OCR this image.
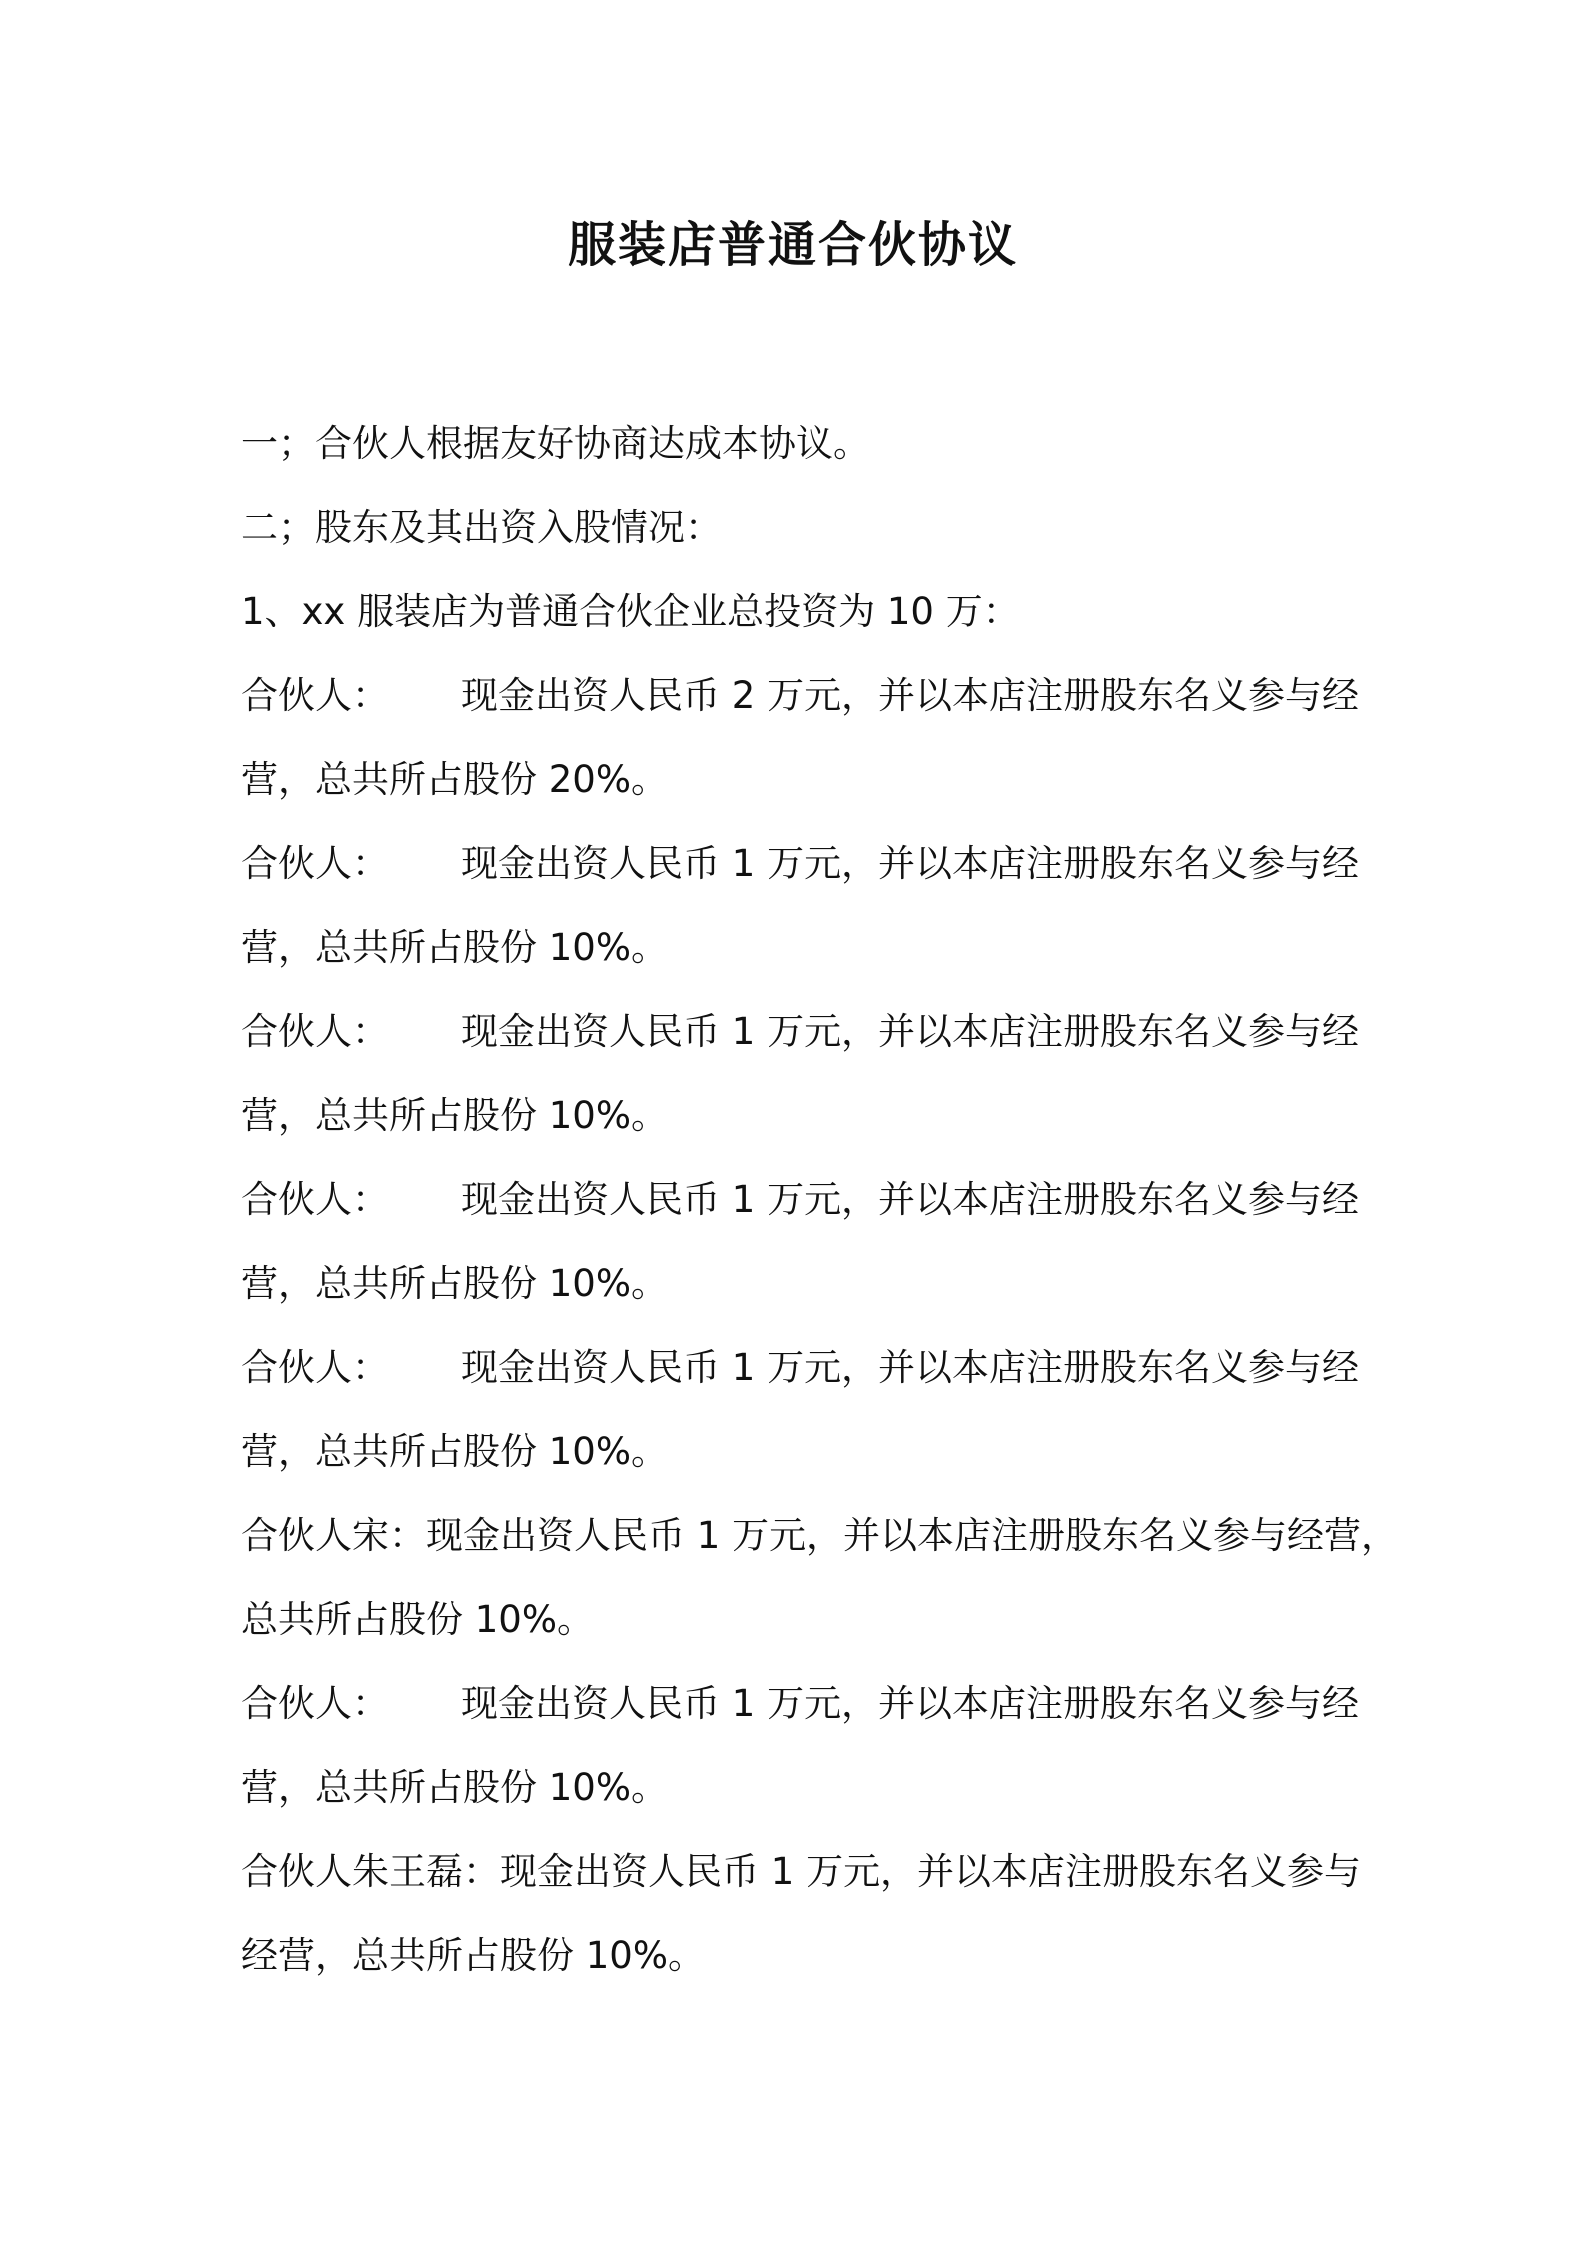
服装店普通合伙协议

一；合伙人根据友好协商达成本协议。

二；股东及其出资入股情况：

1、xx 服装店为普通合伙企业总投资为 10 万：

合伙人：	现金出资人民币 2 万元，并以本店注册股东名义参与经

营，总共所占股份 20%。

合伙人：	现金出资人民币 1 万元，并以本店注册股东名义参与经

营，总共所占股份 10%。

合伙人：	现金出资人民币 1 万元，并以本店注册股东名义参与经

营，总共所占股份 10%。

合伙人：	现金出资人民币 1 万元，并以本店注册股东名义参与经

营，总共所占股份 10%。

合伙人：	现金出资人民币 1 万元，并以本店注册股东名义参与经

营，总共所占股份 10%。

合伙人宋： 现金出资人民币 1 万元，并以本店注册股东名义参与经营，

总共所占股份 10%。

合伙人：	现金出资人民币 1 万元，并以本店注册股东名义参与经

营，总共所占股份 10%。

合伙人朱王磊： 现金出资人民币 1 万元，并以本店注册股东名义参与

经营，总共所占股份 10%。
